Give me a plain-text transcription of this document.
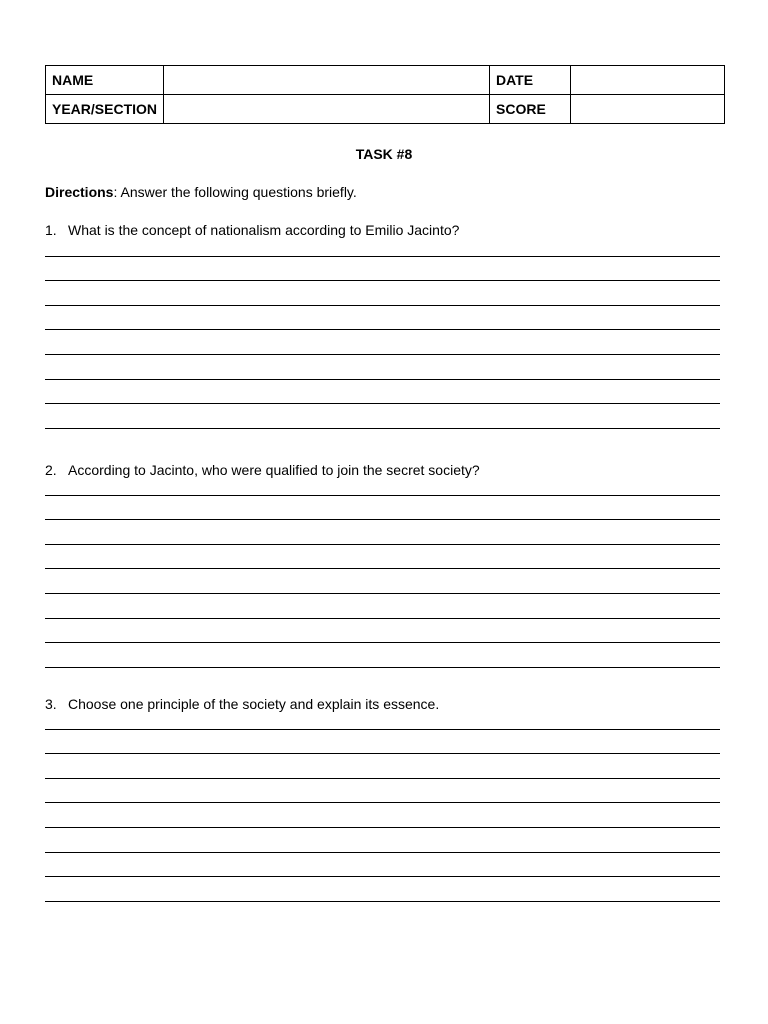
NAME		DATE	
YEAR/SECTION		SCORE	
TASK #8
Directions: Answer the following questions briefly.
1. What is the concept of nationalism according to Emilio Jacinto?
2. According to Jacinto, who were qualified to join the secret society?
3. Choose one principle of the society and explain its essence.
